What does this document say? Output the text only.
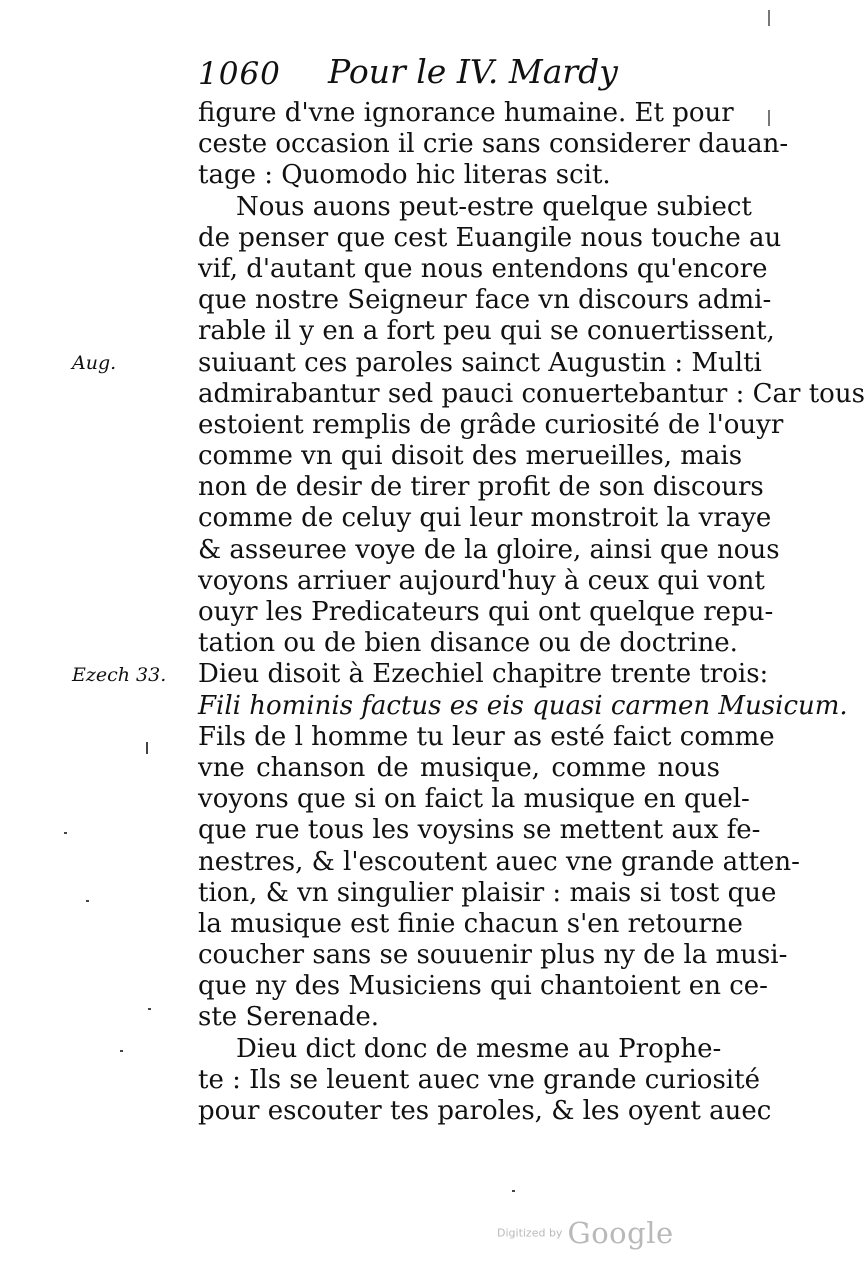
1060 Pour le IV. Mardy
figure d'vne ignorance humaine. Et pour
ceste occasion il crie sans considerer dauan-
tage : Quomodo hic literas scit.
Nous auons peut-estre quelque subiect
de penser que cest Euangile nous touche au
vif, d'autant que nous entendons qu'encore
que nostre Seigneur face vn discours admi-
rable il y en a fort peu qui se conuertissent,
suiuant ces paroles sainct Augustin : Multi
admirabantur sed pauci conuertebantur : Car tous
estoient remplis de grâde curiosité de l'ouyr
comme vn qui disoit des merueilles, mais
non de desir de tirer profit de son discours
comme de celuy qui leur monstroit la vraye
& asseuree voye de la gloire, ainsi que nous
voyons arriuer aujourd'huy à ceux qui vont
ouyr les Predicateurs qui ont quelque repu-
tation ou de bien disance ou de doctrine.
Dieu disoit à Ezechiel chapitre trente trois:
Fili hominis factus es eis quasi carmen Musicum.
Fils de l homme tu leur as esté faict comme
vne chanson de musique, comme nous
voyons que si on faict la musique en quel-
que rue tous les voysins se mettent aux fe-
nestres, & l'escoutent auec vne grande atten-
tion, & vn singulier plaisir : mais si tost que
la musique est finie chacun s'en retourne
coucher sans se souuenir plus ny de la musi-
que ny des Musiciens qui chantoient en ce-
ste Serenade.
Dieu dict donc de mesme au Prophe-
te : Ils se leuent auec vne grande curiosité
pour escouter tes paroles, & les oyent auec
Aug.
Ezech 33.
Digitized by Google
